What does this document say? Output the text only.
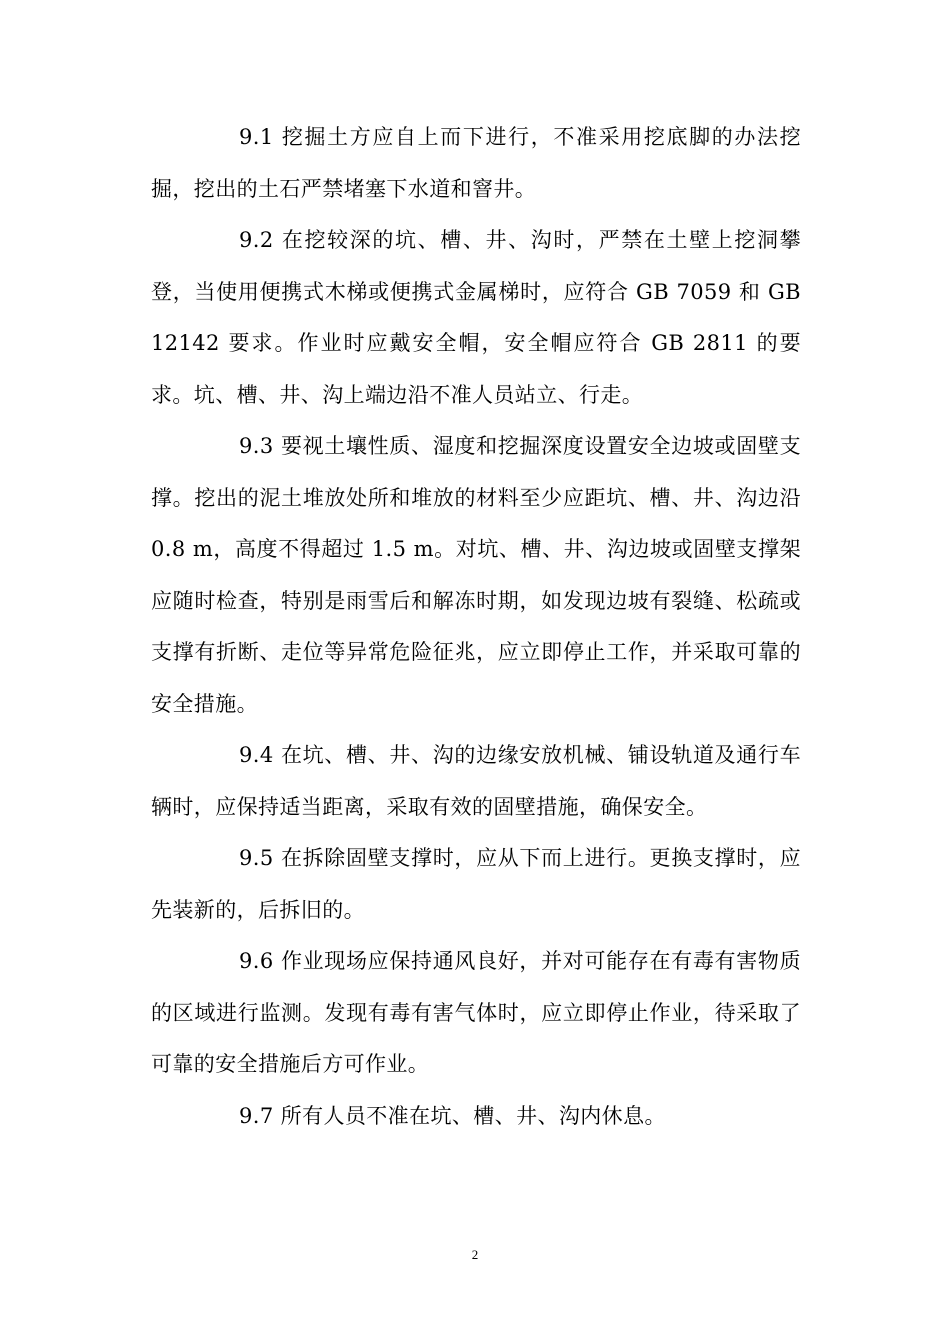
9.1 挖掘土方应自上而下进行，不准采用挖底脚的办法挖掘，挖出的土石严禁堵塞下水道和窨井。

9.2 在挖较深的坑、槽、井、沟时，严禁在土壁上挖洞攀登，当使用便携式木梯或便携式金属梯时，应符合 GB 7059 和 GB 12142 要求。作业时应戴安全帽，安全帽应符合 GB 2811 的要求。坑、槽、井、沟上端边沿不准人员站立、行走。

9.3 要视土壤性质、湿度和挖掘深度设置安全边坡或固壁支撑。挖出的泥土堆放处所和堆放的材料至少应距坑、槽、井、沟边沿 0.8 m，高度不得超过 1.5 m。对坑、槽、井、沟边坡或固壁支撑架应随时检查，特别是雨雪后和解冻时期，如发现边坡有裂缝、松疏或支撑有折断、走位等异常危险征兆，应立即停止工作，并采取可靠的安全措施。

9.4 在坑、槽、井、沟的边缘安放机械、铺设轨道及通行车辆时，应保持适当距离，采取有效的固壁措施，确保安全。

9.5 在拆除固壁支撑时，应从下而上进行。更换支撑时，应先装新的，后拆旧的。

9.6 作业现场应保持通风良好，并对可能存在有毒有害物质的区域进行监测。发现有毒有害气体时，应立即停止作业，待采取了可靠的安全措施后方可作业。

9.7 所有人员不准在坑、槽、井、沟内休息。

2
